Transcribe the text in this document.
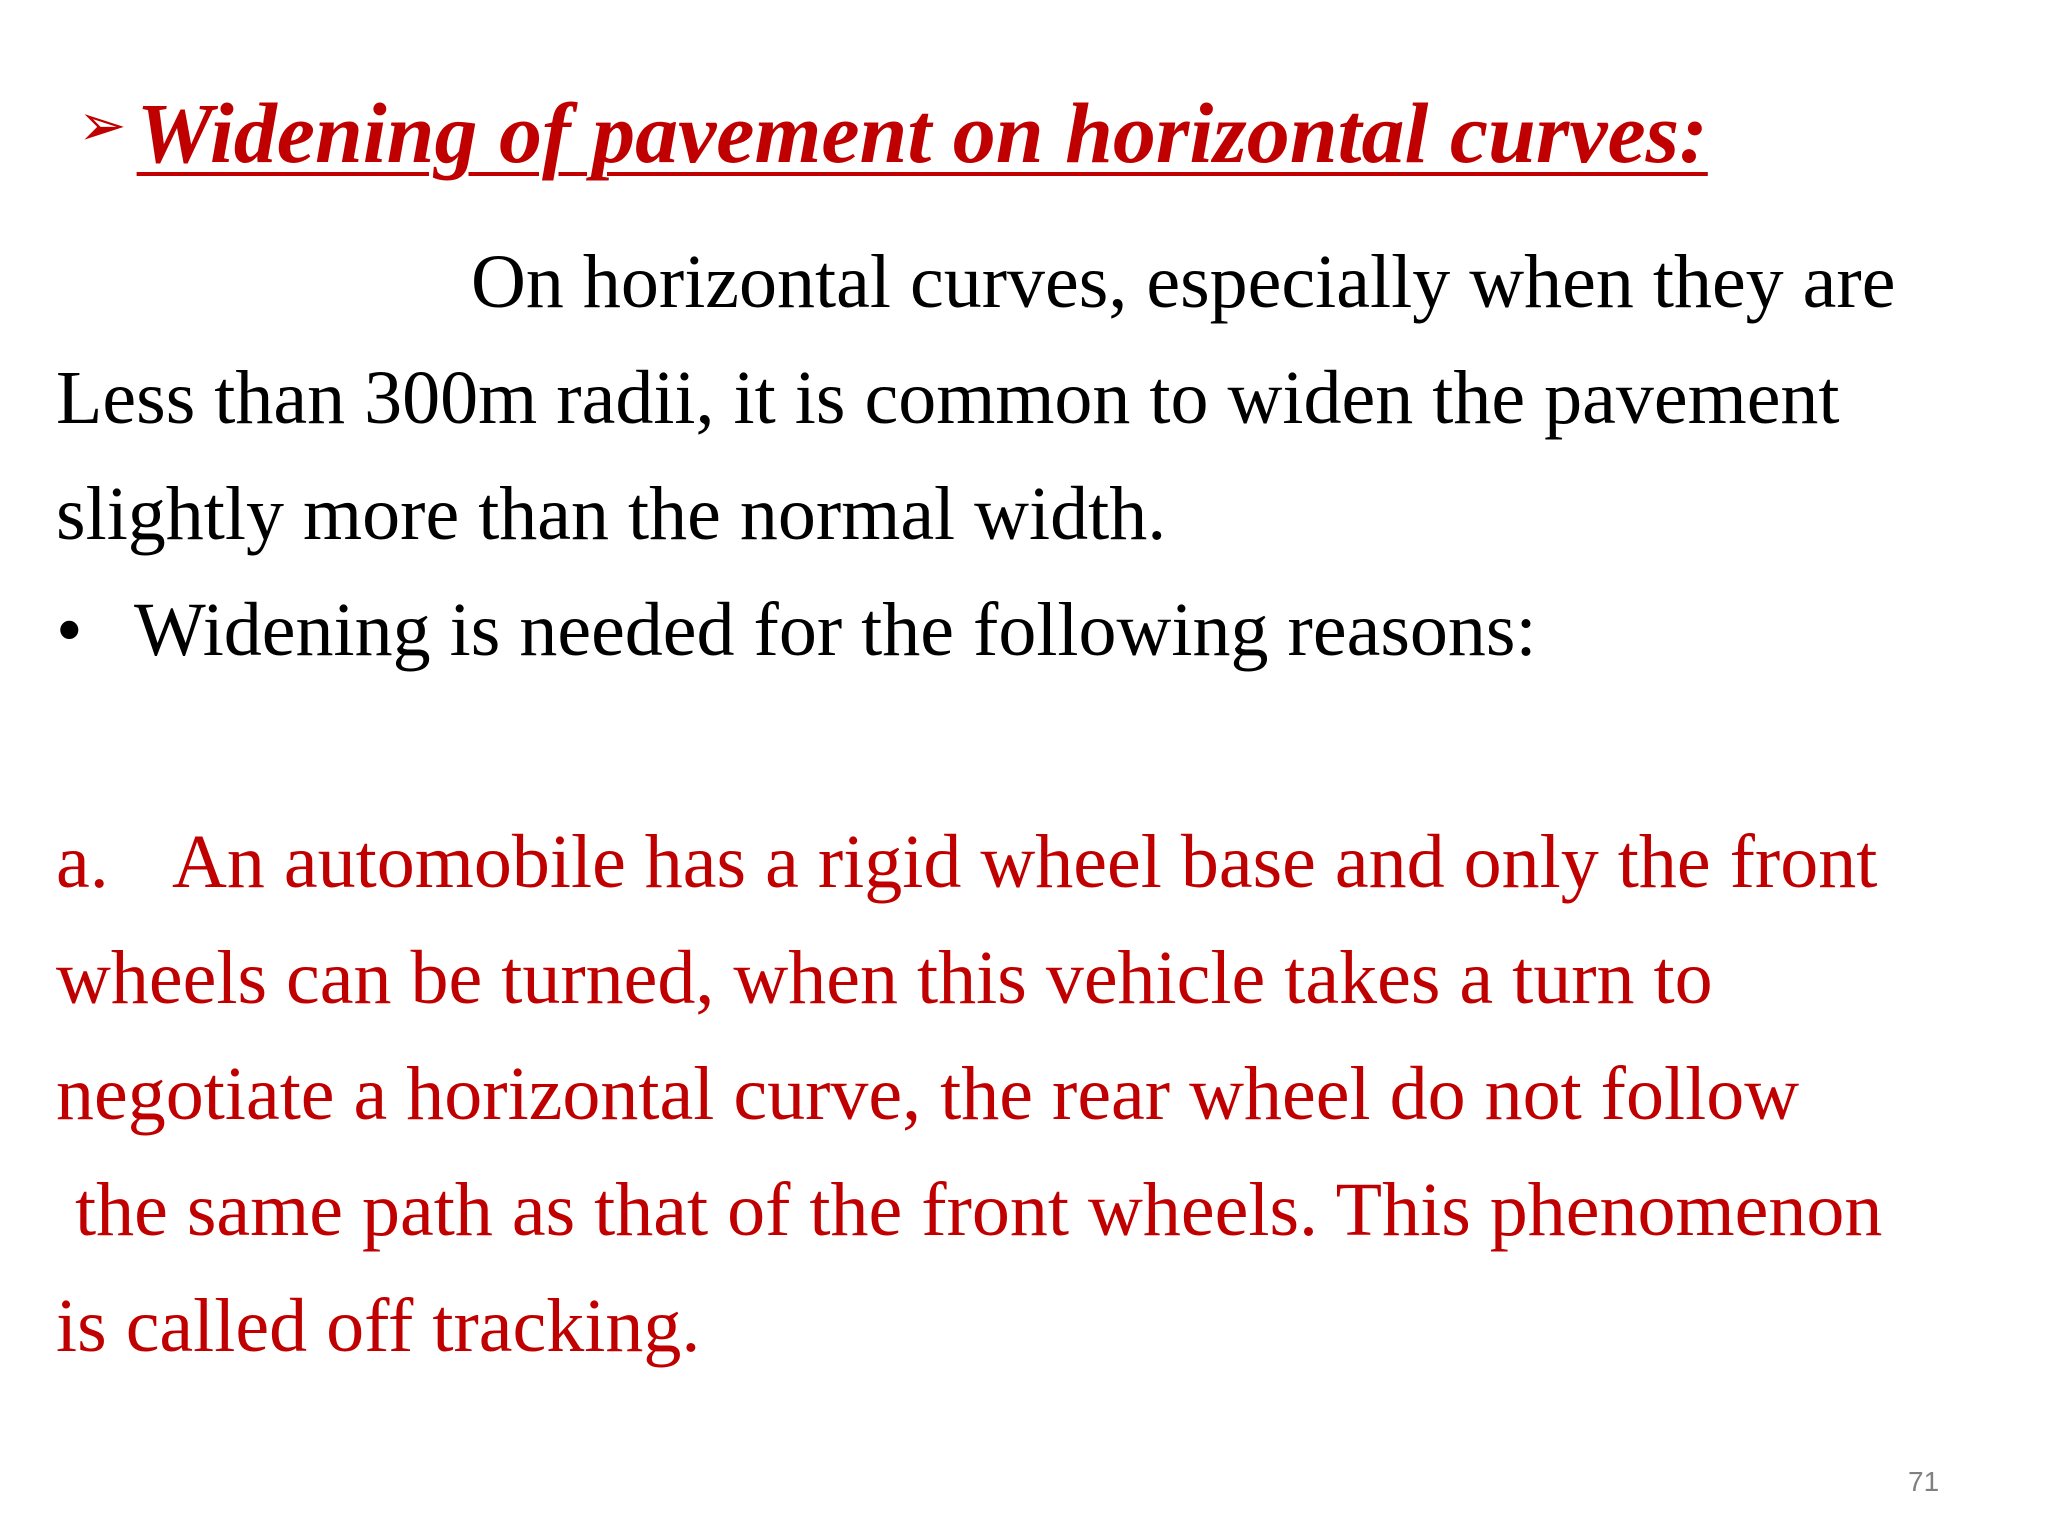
➢ Widening of pavement on horizontal curves:
On horizontal curves, especially when they are
Less than 300m radii, it is common to widen the pavement
slightly more than the normal width.
• Widening is needed for the following reasons:
a. An automobile has a rigid wheel base and only the front
wheels can be turned, when this vehicle takes a turn to
negotiate a horizontal curve, the rear wheel do not follow
the same path as that of the front wheels. This phenomenon
is called off tracking.
71
